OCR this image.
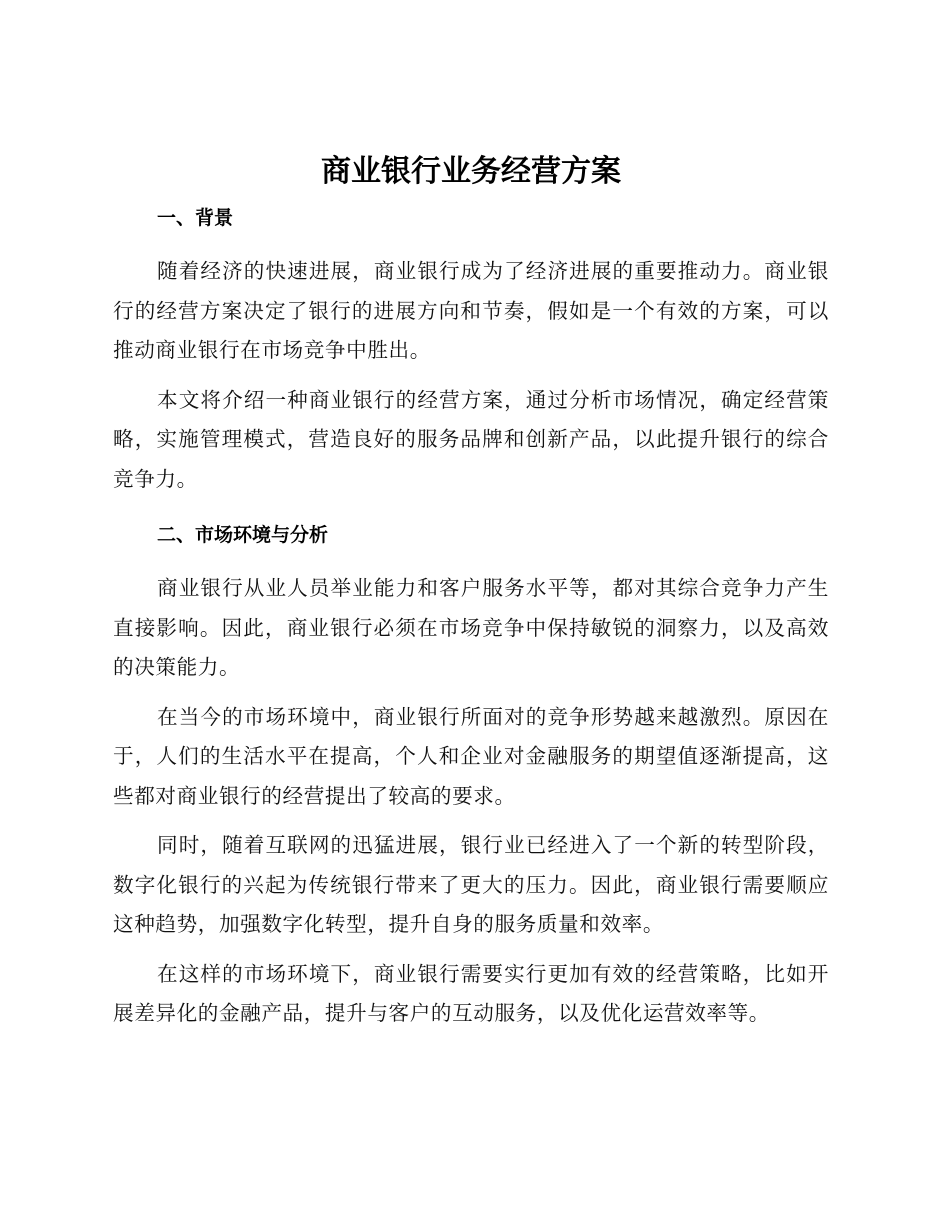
商业银行业务经营方案
一、背景

随着经济的快速进展，商业银行成为了经济进展的重要推动力。商业银行的经营方案决定了银行的进展方向和节奏，假如是一个有效的方案，可以推动商业银行在市场竞争中胜出。

本文将介绍一种商业银行的经营方案，通过分析市场情况，确定经营策略，实施管理模式，营造良好的服务品牌和创新产品，以此提升银行的综合竞争力。

二、市场环境与分析

商业银行从业人员举业能力和客户服务水平等，都对其综合竞争力产生直接影响。因此，商业银行必须在市场竞争中保持敏锐的洞察力，以及高效的决策能力。

在当今的市场环境中，商业银行所面对的竞争形势越来越激烈。原因在于，人们的生活水平在提高，个人和企业对金融服务的期望值逐渐提高，这些都对商业银行的经营提出了较高的要求。

同时，随着互联网的迅猛进展，银行业已经进入了一个新的转型阶段，数字化银行的兴起为传统银行带来了更大的压力。因此，商业银行需要顺应这种趋势，加强数字化转型，提升自身的服务质量和效率。

在这样的市场环境下，商业银行需要实行更加有效的经营策略，比如开展差异化的金融产品，提升与客户的互动服务，以及优化运营效率等。
